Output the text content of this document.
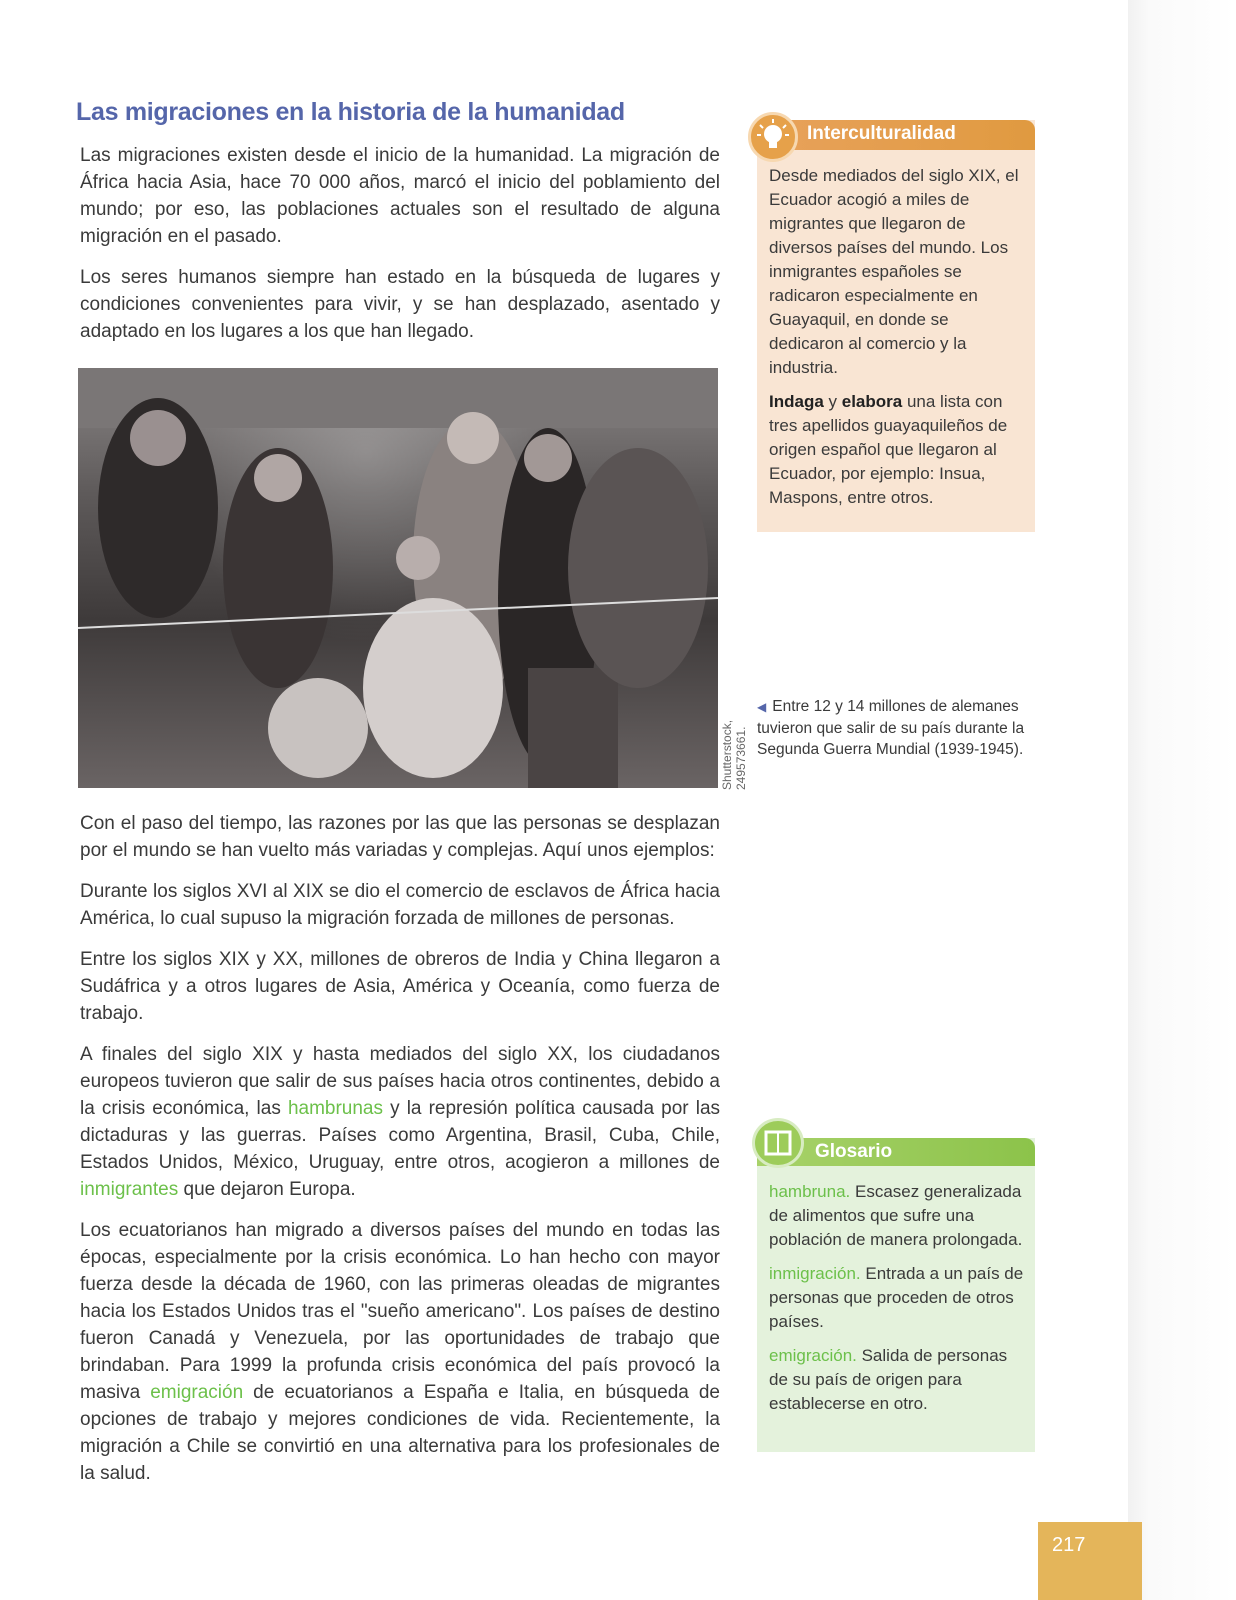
Las migraciones en la historia de la humanidad

Las migraciones existen desde el inicio de la humanidad. La migración de África hacia Asia, hace 70 000 años, marcó el inicio del poblamiento del mundo; por eso, las poblaciones actuales son el resultado de alguna migración en el pasado.

Los seres humanos siempre han estado en la búsqueda de lugares y condiciones convenientes para vivir, y se han desplazado, asentado y adaptado en los lugares a los que han llegado.

Shutterstock, 249573661.
◀ Entre 12 y 14 millones de alemanes tuvieron que salir de su país durante la Segunda Guerra Mundial (1939-1945).

Con el paso del tiempo, las razones por las que las personas se desplazan por el mundo se han vuelto más variadas y complejas. Aquí unos ejemplos:

Durante los siglos XVI al XIX se dio el comercio de esclavos de África hacia América, lo cual supuso la migración forzada de millones de personas.

Entre los siglos XIX y XX, millones de obreros de India y China llegaron a Sudáfrica y a otros lugares de Asia, América y Oceanía, como fuerza de trabajo.

A finales del siglo XIX y hasta mediados del siglo XX, los ciudadanos europeos tuvieron que salir de sus países hacia otros continentes, debido a la crisis económica, las hambrunas y la represión política causada por las dictaduras y las guerras. Países como Argentina, Brasil, Cuba, Chile, Estados Unidos, México, Uruguay, entre otros, acogieron a millones de inmigrantes que dejaron Europa.

Los ecuatorianos han migrado a diversos países del mundo en todas las épocas, especialmente por la crisis económica. Lo han hecho con mayor fuerza desde la década de 1960, con las primeras oleadas de migrantes hacia los Estados Unidos tras el "sueño americano". Los países de destino fueron Canadá y Venezuela, por las oportunidades de trabajo que brindaban. Para 1999 la profunda crisis económica del país provocó la masiva emigración de ecuatorianos a España e Italia, en búsqueda de opciones de trabajo y mejores condiciones de vida. Recientemente, la migración a Chile se convirtió en una alternativa para los profesionales de la salud.

Interculturalidad

Desde mediados del siglo XIX, el Ecuador acogió a miles de migrantes que llegaron de diversos países del mundo. Los inmigrantes españoles se radicaron especialmente en Guayaquil, en donde se dedicaron al comercio y la industria.

Indaga y elabora una lista con tres apellidos guayaquileños de origen español que llegaron al Ecuador, por ejemplo: Insua, Maspons, entre otros.

Glosario

hambruna. Escasez generalizada de alimentos que sufre una población de manera prolongada.

inmigración. Entrada a un país de personas que proceden de otros países.

emigración. Salida de personas de su país de origen para establecerse en otro.

217
